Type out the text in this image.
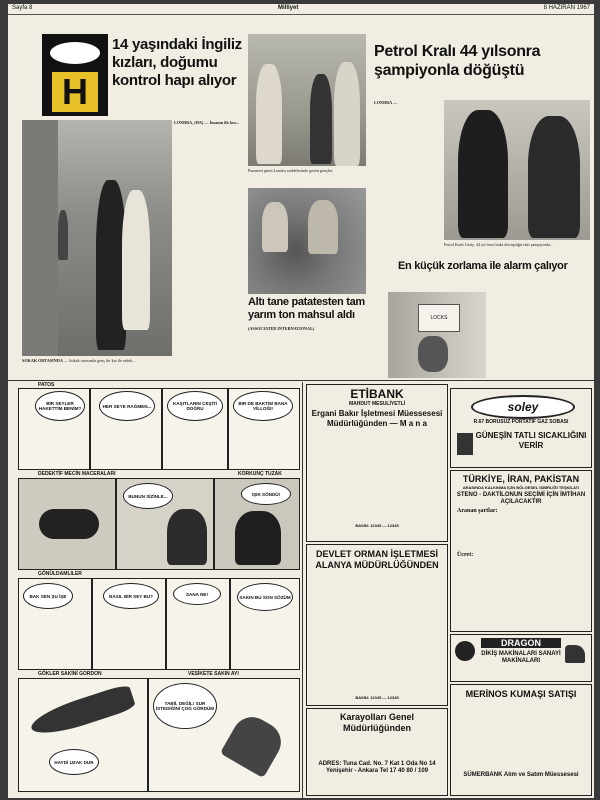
Sayfa 8	Milliyet	8 HAZIRAN 1967
H
14 yaşındaki İngiliz kızları, doğumu kontrol hapı alıyor
LONDRA, (HA) — İnsanın ilk kez...
SOKAK ORTASINDA — Sokak ortasında genç bir kız ile erkek...
Pazartesi günü Londra caddelerinde gezen gençler.
Altı tane patatesten tam yarım ton mahsul aldı
(ASSOCIATED INTERNATIONAL)
Petrol Kralı 44 yılsonra şampiyonla döğüştü
LONDRA —
Petrol Kralı Getty, 44 yıl önce boks dövüştüğü eski şampiyonla...
En küçük zorlama ile alarm çalıyor
LOCKS
PATOS
BİR SEYLER HAKETTİM BENİM?	HER SEYE RAĞMEN...	KAŞITLARIN ÇEŞİTİ DOĞRU
BIR DE BAKTIM BANA VİLLOĞI!
DEDEKTİF MECİN MACERALARI	KORKUNÇ TUZAK
BUNUN SİZİNLE...	IŞIK SÖNDÜ!
GÖNÜLDAMLILER
BAK SEN ŞU İŞE	NASIL BİR SEY BU?	SANA NE!
SAKIN BU SON SÖZÜM
GÖKLER SAKİNİ GORDON	VESİKETE SAKIN AYI
HAYDİ UZAK DUR
TABİİ, DEĞİL! SUR İSTEDİĞİNİ ÇOĞ GÖRDÜM
ETİBANK
MAHDUT MESULİYETLİ
Ergani Bakır İşletmesi Müessesesi Müdürlüğünden — M a n a
BASIN: 12345 — 12345
DEVLET ORMAN İŞLETMESİ ALANYA MÜDÜRLÜĞÜNDEN
BASIN: 12345 — 12345
Karayolları Genel Müdürlüğünden
ADRES: Tuna Cad. No. 7 Kat 1 Oda No 14 Yenişehir - Ankara Tel 17 40 80 / 109
soley
R.67 BORUSUZ PORTATİF GAZ SOBASI
GÜNEŞİN TATLI SICAKLIĞINI VERİR
TÜRKİYE, İRAN, PAKİSTAN
ARASINDA KALKINMA İÇİN BÖLGESEL İŞBİRLİĞİ TEŞKİLATI
STENO - DAKTİLONUN SEÇİMİ İÇİN İMTİHAN AÇILACAKTIR
Aranan şartlar:
Ücret:
DRAGON
DİKİŞ MAKİNALARI SANAYİ MAKİNALARI
MERİNOS KUMAŞI SATIŞI
SÜMERBANK Alım ve Satım Müessesesi
